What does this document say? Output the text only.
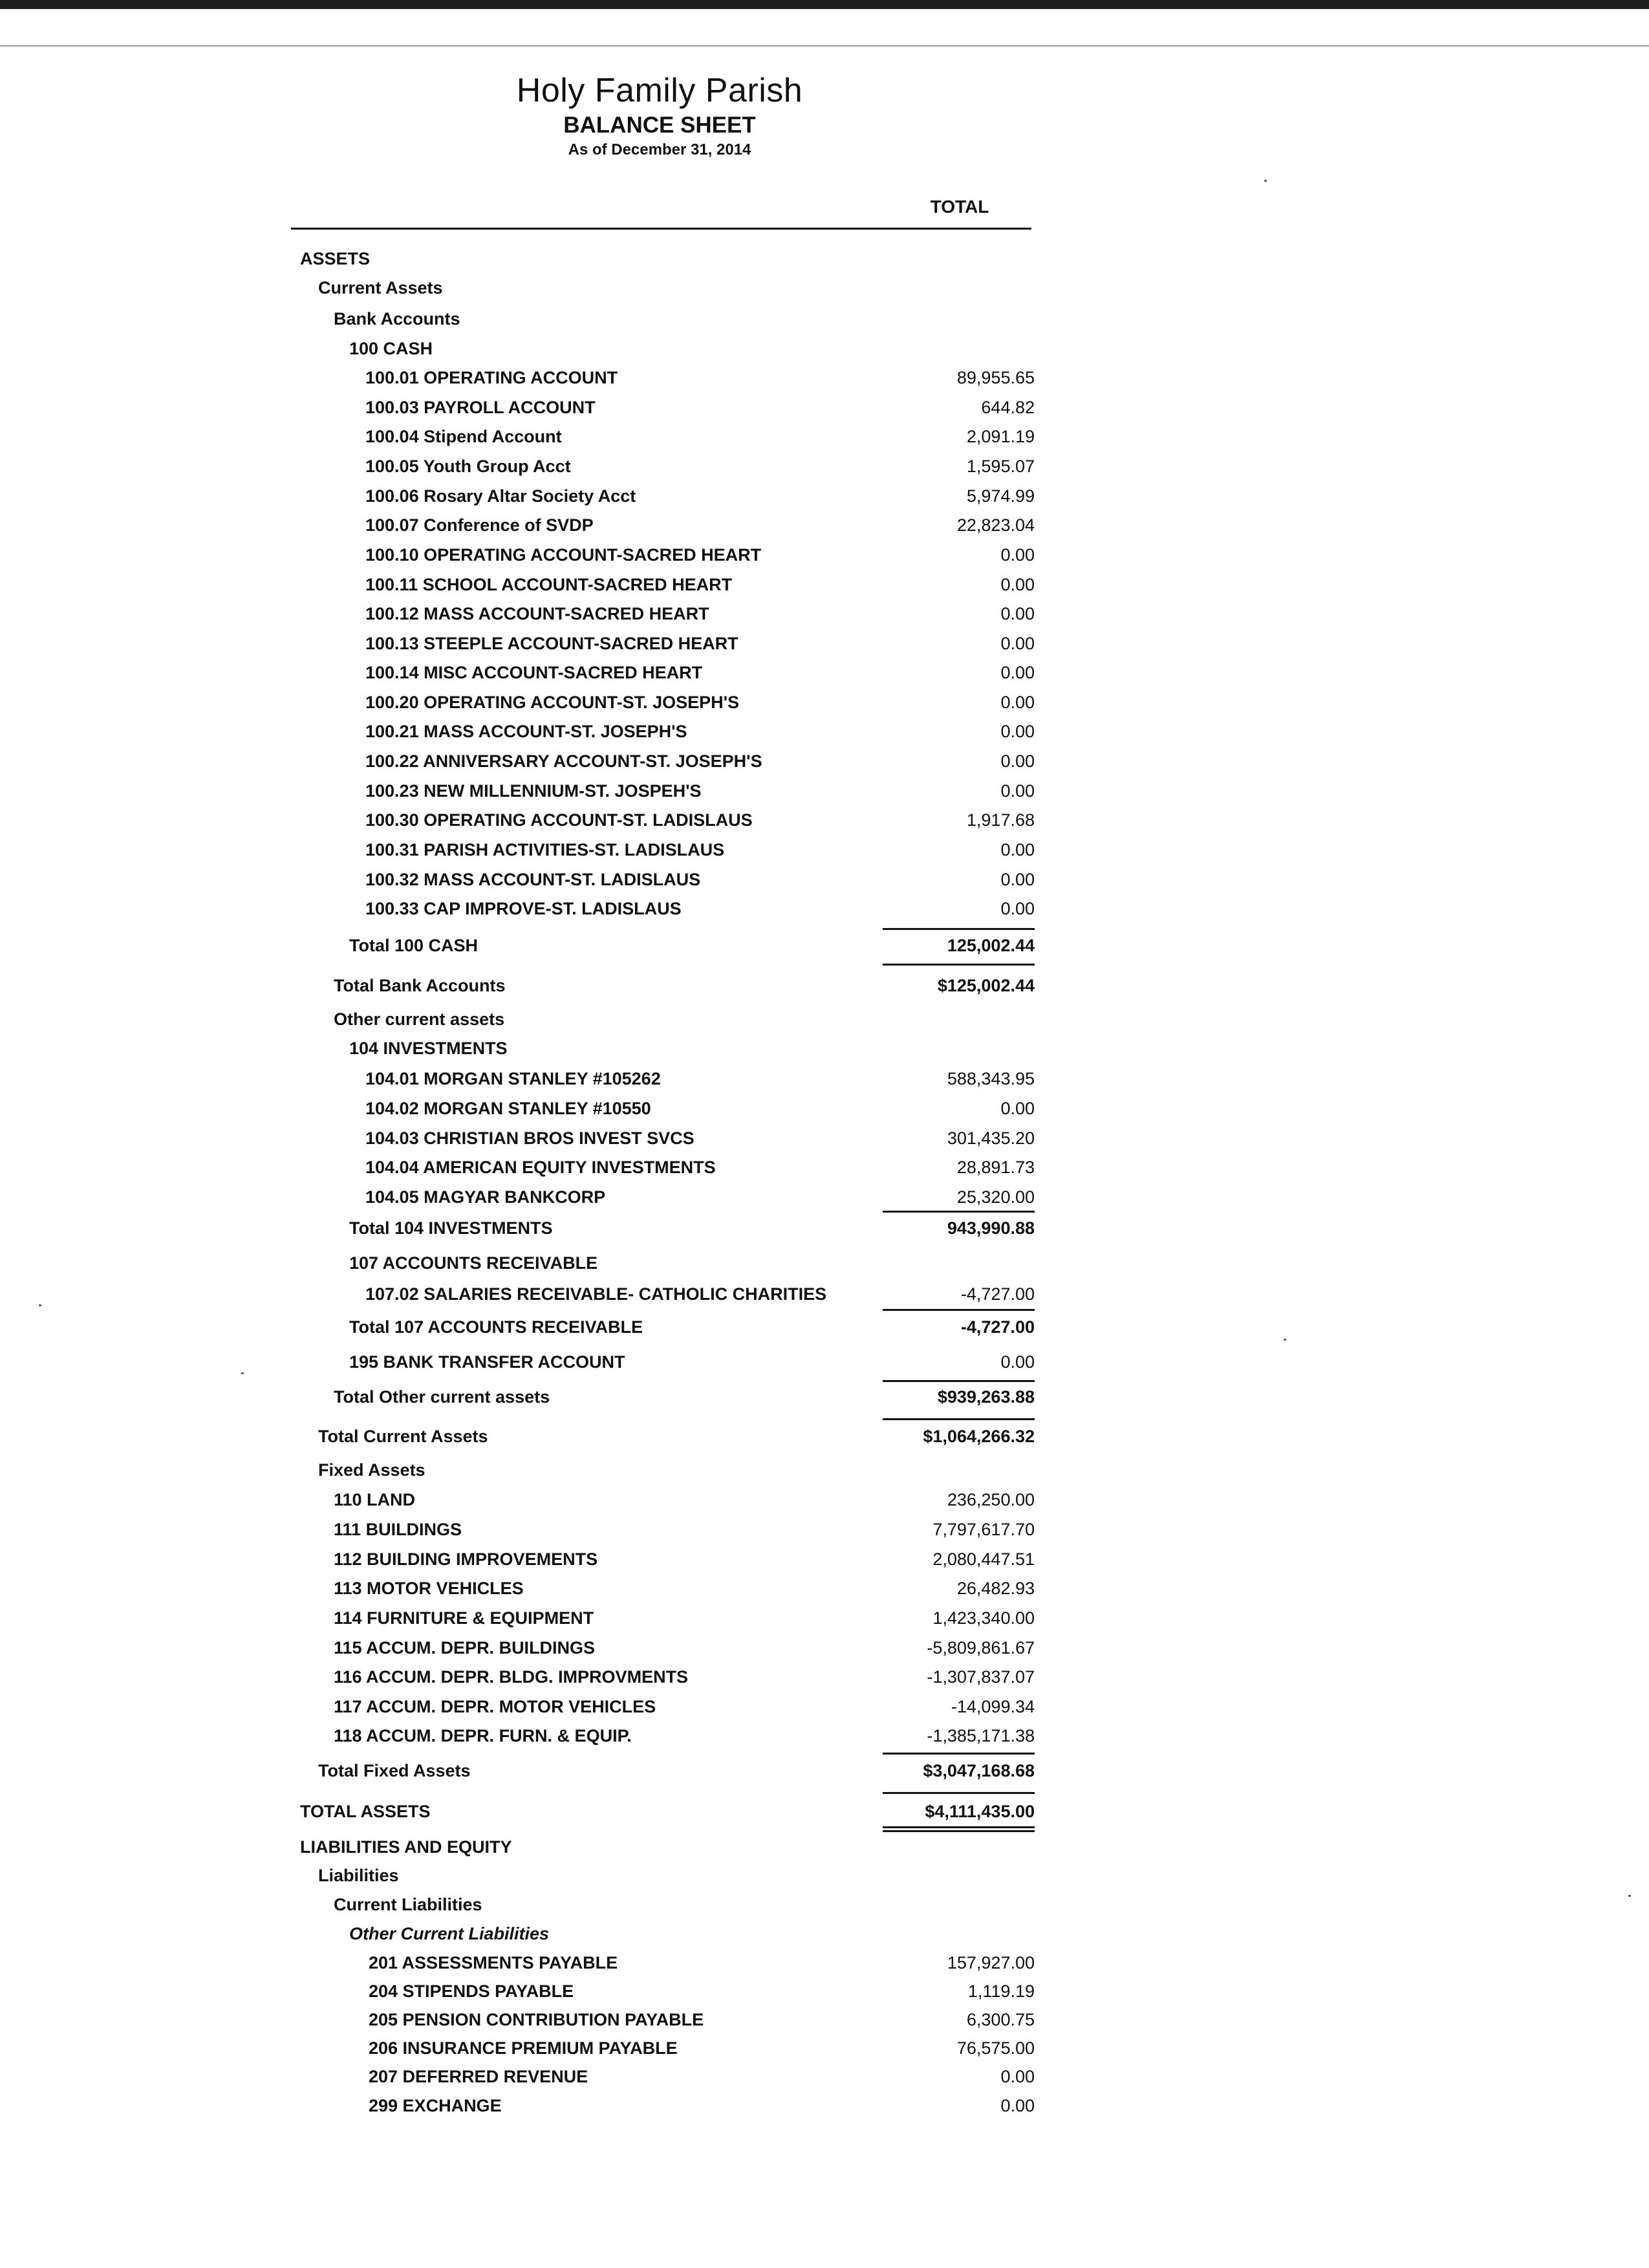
Holy Family Parish
BALANCE SHEET
As of December 31, 2014
TOTAL
ASSETS
Current Assets
Bank Accounts
100 CASH
100.01 OPERATING ACCOUNT	89,955.65
100.03 PAYROLL ACCOUNT	644.82
100.04 Stipend Account	2,091.19
100.05 Youth Group Acct	1,595.07
100.06 Rosary Altar Society Acct	5,974.99
100.07 Conference of SVDP	22,823.04
100.10 OPERATING ACCOUNT-SACRED HEART	0.00
100.11 SCHOOL ACCOUNT-SACRED HEART	0.00
100.12 MASS ACCOUNT-SACRED HEART	0.00
100.13 STEEPLE ACCOUNT-SACRED HEART	0.00
100.14 MISC ACCOUNT-SACRED HEART	0.00
100.20 OPERATING ACCOUNT-ST. JOSEPH'S	0.00
100.21 MASS ACCOUNT-ST. JOSEPH'S	0.00
100.22 ANNIVERSARY ACCOUNT-ST. JOSEPH'S	0.00
100.23 NEW MILLENNIUM-ST. JOSPEH'S	0.00
100.30 OPERATING ACCOUNT-ST. LADISLAUS	1,917.68
100.31 PARISH ACTIVITIES-ST. LADISLAUS	0.00
100.32 MASS ACCOUNT-ST. LADISLAUS	0.00
100.33 CAP IMPROVE-ST. LADISLAUS	0.00
Total 100 CASH	125,002.44
Total Bank Accounts	$125,002.44
Other current assets
104 INVESTMENTS
104.01 MORGAN STANLEY #105262	588,343.95
104.02 MORGAN STANLEY #10550	0.00
104.03 CHRISTIAN BROS INVEST SVCS	301,435.20
104.04 AMERICAN EQUITY INVESTMENTS	28,891.73
104.05 MAGYAR BANKCORP	25,320.00
Total 104 INVESTMENTS	943,990.88
107 ACCOUNTS RECEIVABLE
107.02 SALARIES RECEIVABLE- CATHOLIC CHARITIES	-4,727.00
Total 107 ACCOUNTS RECEIVABLE	-4,727.00
195 BANK TRANSFER ACCOUNT	0.00
Total Other current assets	$939,263.88
Total Current Assets	$1,064,266.32
Fixed Assets
110 LAND	236,250.00
111 BUILDINGS	7,797,617.70
112 BUILDING IMPROVEMENTS	2,080,447.51
113 MOTOR VEHICLES	26,482.93
114 FURNITURE & EQUIPMENT	1,423,340.00
115 ACCUM. DEPR. BUILDINGS	-5,809,861.67
116 ACCUM. DEPR. BLDG. IMPROVMENTS	-1,307,837.07
117 ACCUM. DEPR. MOTOR VEHICLES	-14,099.34
118 ACCUM. DEPR. FURN. & EQUIP.	-1,385,171.38
Total Fixed Assets	$3,047,168.68
TOTAL ASSETS	$4,111,435.00
LIABILITIES AND EQUITY
Liabilities
Current Liabilities
Other Current Liabilities
201 ASSESSMENTS PAYABLE	157,927.00
204 STIPENDS PAYABLE	1,119.19
205 PENSION CONTRIBUTION PAYABLE	6,300.75
206 INSURANCE PREMIUM PAYABLE	76,575.00
207 DEFERRED REVENUE	0.00
299 EXCHANGE	0.00
